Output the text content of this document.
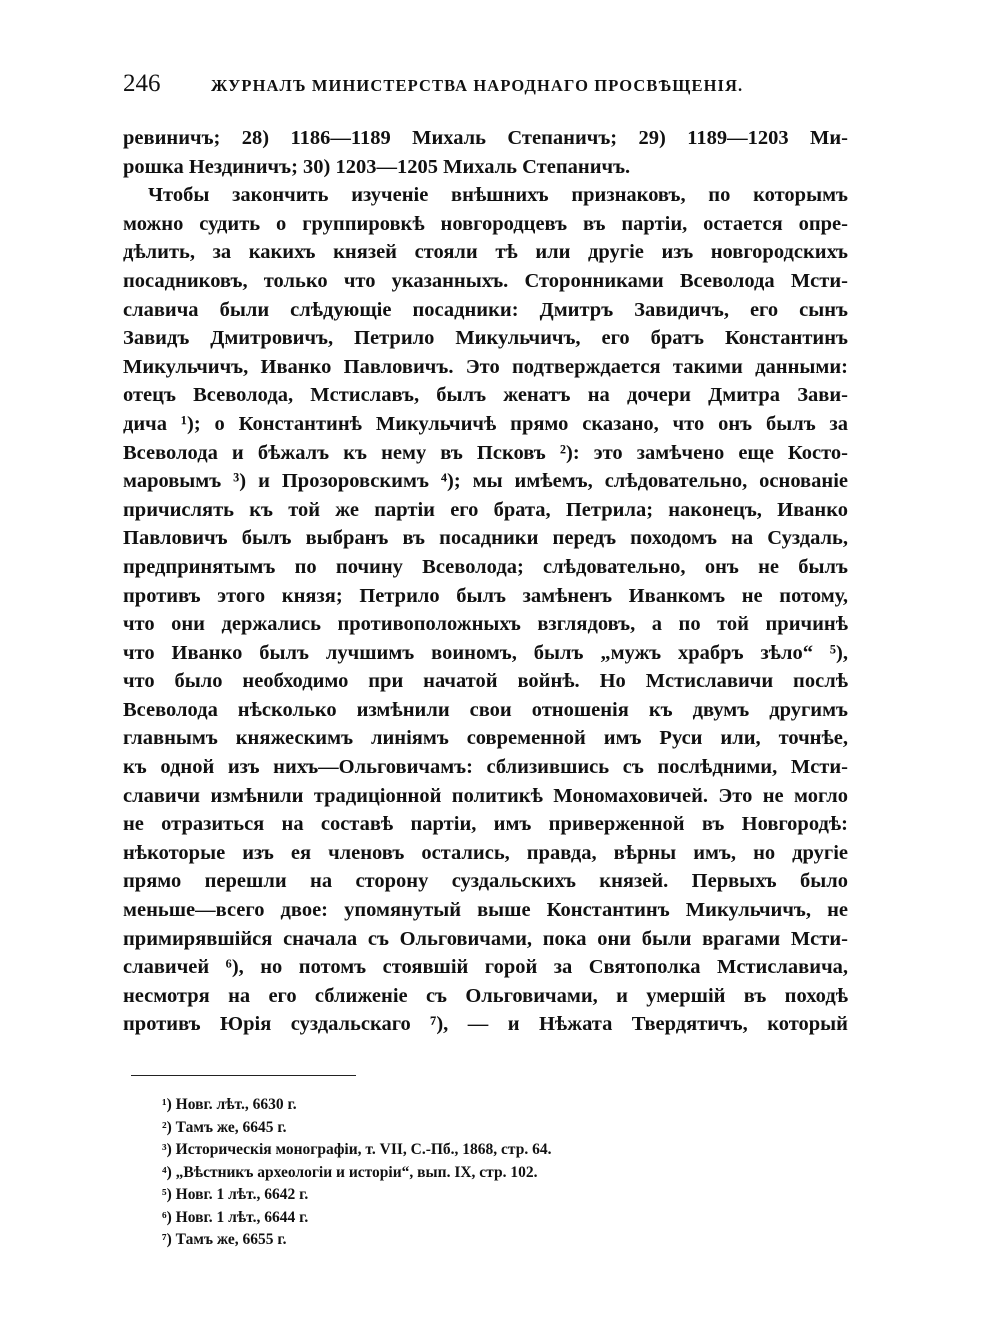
246	ЖУРНАЛЪ МИНИСТЕРСТВА НАРОДНАГО ПРОСВѢЩЕНІЯ.
ревиничъ; 28) 1186—1189 Михаль Степаничъ; 29) 1189—1203 Ми-
рошка Нездиничъ; 30) 1203—1205 Михаль Степаничъ.
Чтобы закончить изученіе внѣшнихъ признаковъ, по которымъ
можно судить о группировкѣ новгородцевъ въ партіи, остается опре-
дѣлить, за какихъ князей стояли тѣ или другіе изъ новгородскихъ
посадниковъ, только что указанныхъ. Сторонниками Всеволода Мсти-
славича были слѣдующіе посадники: Дмитръ Завидичъ, его сынъ
Завидъ Дмитровичъ, Петрило Микульчичъ, его братъ Константинъ
Микульчичъ, Иванко Павловичъ. Это подтверждается такими данными:
отецъ Всеволода, Мстиславъ, былъ женатъ на дочери Дмитра Зави-
дича ¹); о Константинѣ Микульчичѣ прямо сказано, что онъ былъ за
Всеволода и бѣжалъ къ нему въ Псковъ ²): это замѣчено еще Косто-
маровымъ ³) и Прозоровскимъ ⁴); мы имѣемъ, слѣдовательно, основаніе
причислять къ той же партіи его брата, Петрила; наконецъ, Иванко
Павловичъ былъ выбранъ въ посадники передъ походомъ на Суздаль,
предпринятымъ по почину Всеволода; слѣдовательно, онъ не былъ
противъ этого князя; Петрило былъ замѣненъ Иванкомъ не потому,
что они держались противоположныхъ взглядовъ, а по той причинѣ
что Иванко былъ лучшимъ воиномъ, былъ „мужъ храбръ зѣло“ ⁵),
что было необходимо при начатой войнѣ. Но Мстиславичи послѣ
Всеволода нѣсколько измѣнили свои отношенія къ двумъ другимъ
главнымъ княжескимъ линіямъ современной имъ Руси или, точнѣе,
къ одной изъ нихъ—Ольговичамъ: сблизившись съ послѣдними, Мсти-
славичи измѣнили традиціонной политикѣ Мономаховичей. Это не могло
не отразиться на составѣ партіи, имъ приверженной въ Новгородѣ:
нѣкоторые изъ ея членовъ остались, правда, вѣрны имъ, но другіе
прямо перешли на сторону суздальскихъ князей. Первыхъ было
меньше—всего двое: упомянутый выше Константинъ Микульчичъ, не
примирявшійся сначала съ Ольговичами, пока они были врагами Мсти-
славичей ⁶), но потомъ стоявшій горой за Святополка Мстиславича,
несмотря на его сближеніе съ Ольговичами, и умершій въ походѣ
противъ Юрія суздальскаго ⁷), — и Нѣжата Твердятичъ, который
¹) Новг. лѣт., 6630 г.
²) Тамъ же, 6645 г.
³) Историческія монографіи, т. VII, С.-Пб., 1868, стр. 64.
⁴) „Вѣстникъ археологіи и исторіи“, вып. IX, стр. 102.
⁵) Новг. 1 лѣт., 6642 г.
⁶) Новг. 1 лѣт., 6644 г.
⁷) Тамъ же, 6655 г.
